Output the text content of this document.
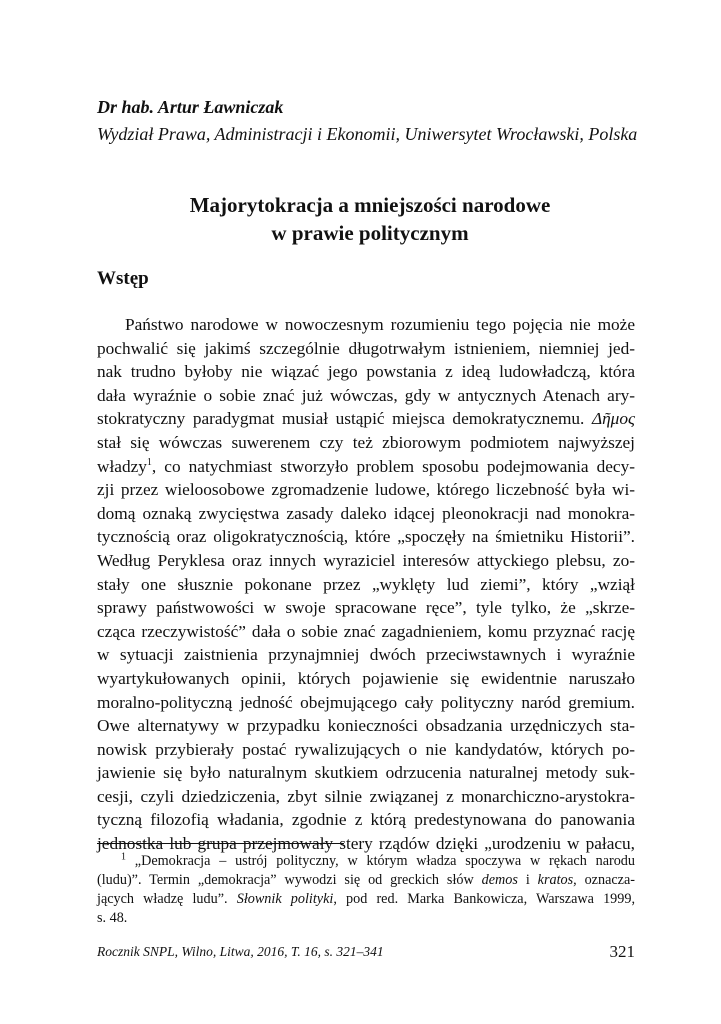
Dr hab. Artur Ławniczak
Wydział Prawa, Administracji i Ekonomii, Uniwersytet Wrocławski, Polska
Majorytokracja a mniejszości narodowe
w prawie politycznym
Wstęp
Państwo narodowe w nowoczesnym rozumieniu tego pojęcia nie może
pochwalić się jakimś szczególnie długotrwałym istnieniem, niemniej jed-
nak trudno byłoby nie wiązać jego powstania z ideą ludowładczą, która
dała wyraźnie o sobie znać już wówczas, gdy w antycznych Atenach ary-
stokratyczny paradygmat musiał ustąpić miejsca demokratycznemu. Δῆμος
stał się wówczas suwerenem czy też zbiorowym podmiotem najwyższej
władzy$^1$, co natychmiast stworzyło problem sposobu podejmowania decy-
zji przez wieloosobowe zgromadzenie ludowe, którego liczebność była wi-
domą oznaką zwycięstwa zasady daleko idącej pleonokracji nad monokra-
tycznością oraz oligokratycznością, które „spoczęły na śmietniku Historii”.
Według Peryklesa oraz innych wyraziciel interesów attyckiego plebsu, zo-
stały one słusznie pokonane przez „wyklęty lud ziemi”, który „wziął
sprawy państwowości w swoje spracowane ręce”, tyle tylko, że „skrze-
cząca rzeczywistość” dała o sobie znać zagadnieniem, komu przyznać rację
w sytuacji zaistnienia przynajmniej dwóch przeciwstawnych i wyraźnie
wyartykułowanych opinii, których pojawienie się ewidentnie naruszało
moralno-polityczną jedność obejmującego cały polityczny naród gremium.
Owe alternatywy w przypadku konieczności obsadzania urzędniczych sta-
nowisk przybierały postać rywalizujących o nie kandydatów, których po-
jawienie się było naturalnym skutkiem odrzucenia naturalnej metody suk-
cesji, czyli dziedziczenia, zbyt silnie związanej z monarchiczno-arystokra-
tyczną filozofią władania, zgodnie z którą predestynowana do panowania
jednostka lub grupa przejmowały stery rządów dzięki „urodzeniu w pałacu,
$^1$ „Demokracja – ustrój polityczny, w którym władza spoczywa w rękach narodu
(ludu)”. Termin „demokracja” wywodzi się od greckich słów demos i kratos, oznacza-
jących władzę ludu”. Słownik polityki, pod red. Marka Bankowicza, Warszawa 1999,
s. 48.
Rocznik SNPL, Wilno, Litwa, 2016, T. 16, s. 321–341	321
